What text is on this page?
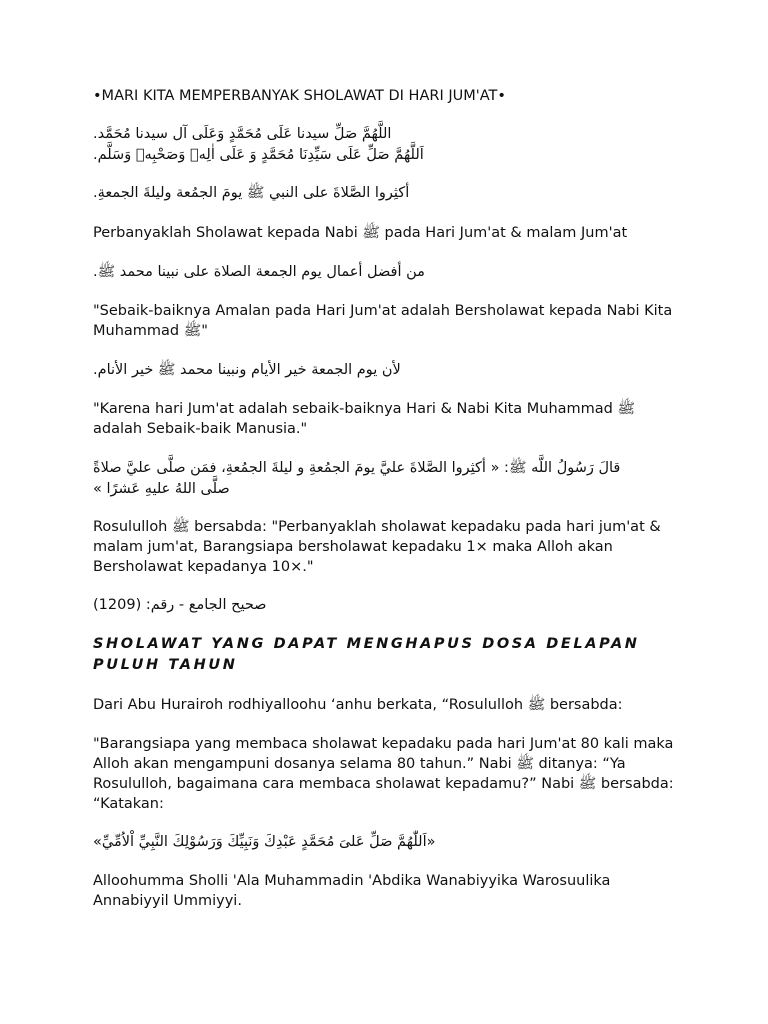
•MARI KITA MEMPERBANYAK SHOLAWAT DI HARI JUM'AT•
اللَّهُمَّ صَلِّ سيدنا عَلَى مُحَمَّدٍ وَعَلَى آل سيدنا مُحَمَّد.
اَللَّهُمَّ صَلِّ عَلَى سَيِّدِنَا مُحَمَّدٍ وَ عَلَى اٰلِهٖ وَصَحْبِهٖ وَسَلَّم.
أكثِروا الصَّلاةَ على النبي ﷺ يومَ الجمُعة وليلةَ الجمعةِ.
Perbanyaklah Sholawat kepada Nabi ﷺ pada Hari Jum'at & malam Jum'at
من أفضل أعمال يوم الجمعة الصلاة على نبينا محمد ﷺ.
"Sebaik-baiknya Amalan pada Hari Jum'at adalah Bersholawat kepada Nabi Kita Muhammad ﷺ"
لأن يوم الجمعة خير الأيام ونبينا محمد ﷺ خير الأنام.
"Karena hari Jum'at adalah sebaik-baiknya Hari & Nabi Kita Muhammad ﷺ adalah Sebaik-baik Manusia."
قالَ رَسُولُ اللَّه ﷺ: « أكثِروا الصَّلاةَ عليَّ يومَ الجمُعةِ و ليلةَ الجمُعةِ، فمَن صلَّى عليَّ صلاةً
صلَّى اللهُ عليهِ عَشرًا »
Rosululloh ﷺ bersabda: "Perbanyaklah sholawat kepadaku pada hari jum'at & malam jum'at, Barangsiapa bersholawat kepadaku 1× maka Alloh akan Bersholawat kepadanya 10×."
صحيح الجامع - رقم: (1209)
SHOLAWAT YANG DAPAT MENGHAPUS DOSA DELAPAN PULUH TAHUN
Dari Abu Hurairoh rodhiyalloohu ‘anhu berkata, “Rosululloh ﷺ bersabda:
"Barangsiapa yang membaca sholawat kepadaku pada hari Jum'at 80 kali maka Alloh akan mengampuni dosanya selama 80 tahun.” Nabi ﷺ ditanya: “Ya Rosululloh, bagaimana cara membaca sholawat kepadamu?” Nabi ﷺ bersabda: “Katakan:
«اَللّٰهُمَّ صَلِّ عَلىَ مُحَمَّدٍ عَبْدِكَ وَنَبِيِّكَ وَرَسُوْلِكَ النَّبِيِّ اْلاُمِّيِّ»
Alloohumma Sholli 'Ala Muhammadin 'Abdika Wanabiyyika Warosuulika Annabiyyil Ummiyyi.
